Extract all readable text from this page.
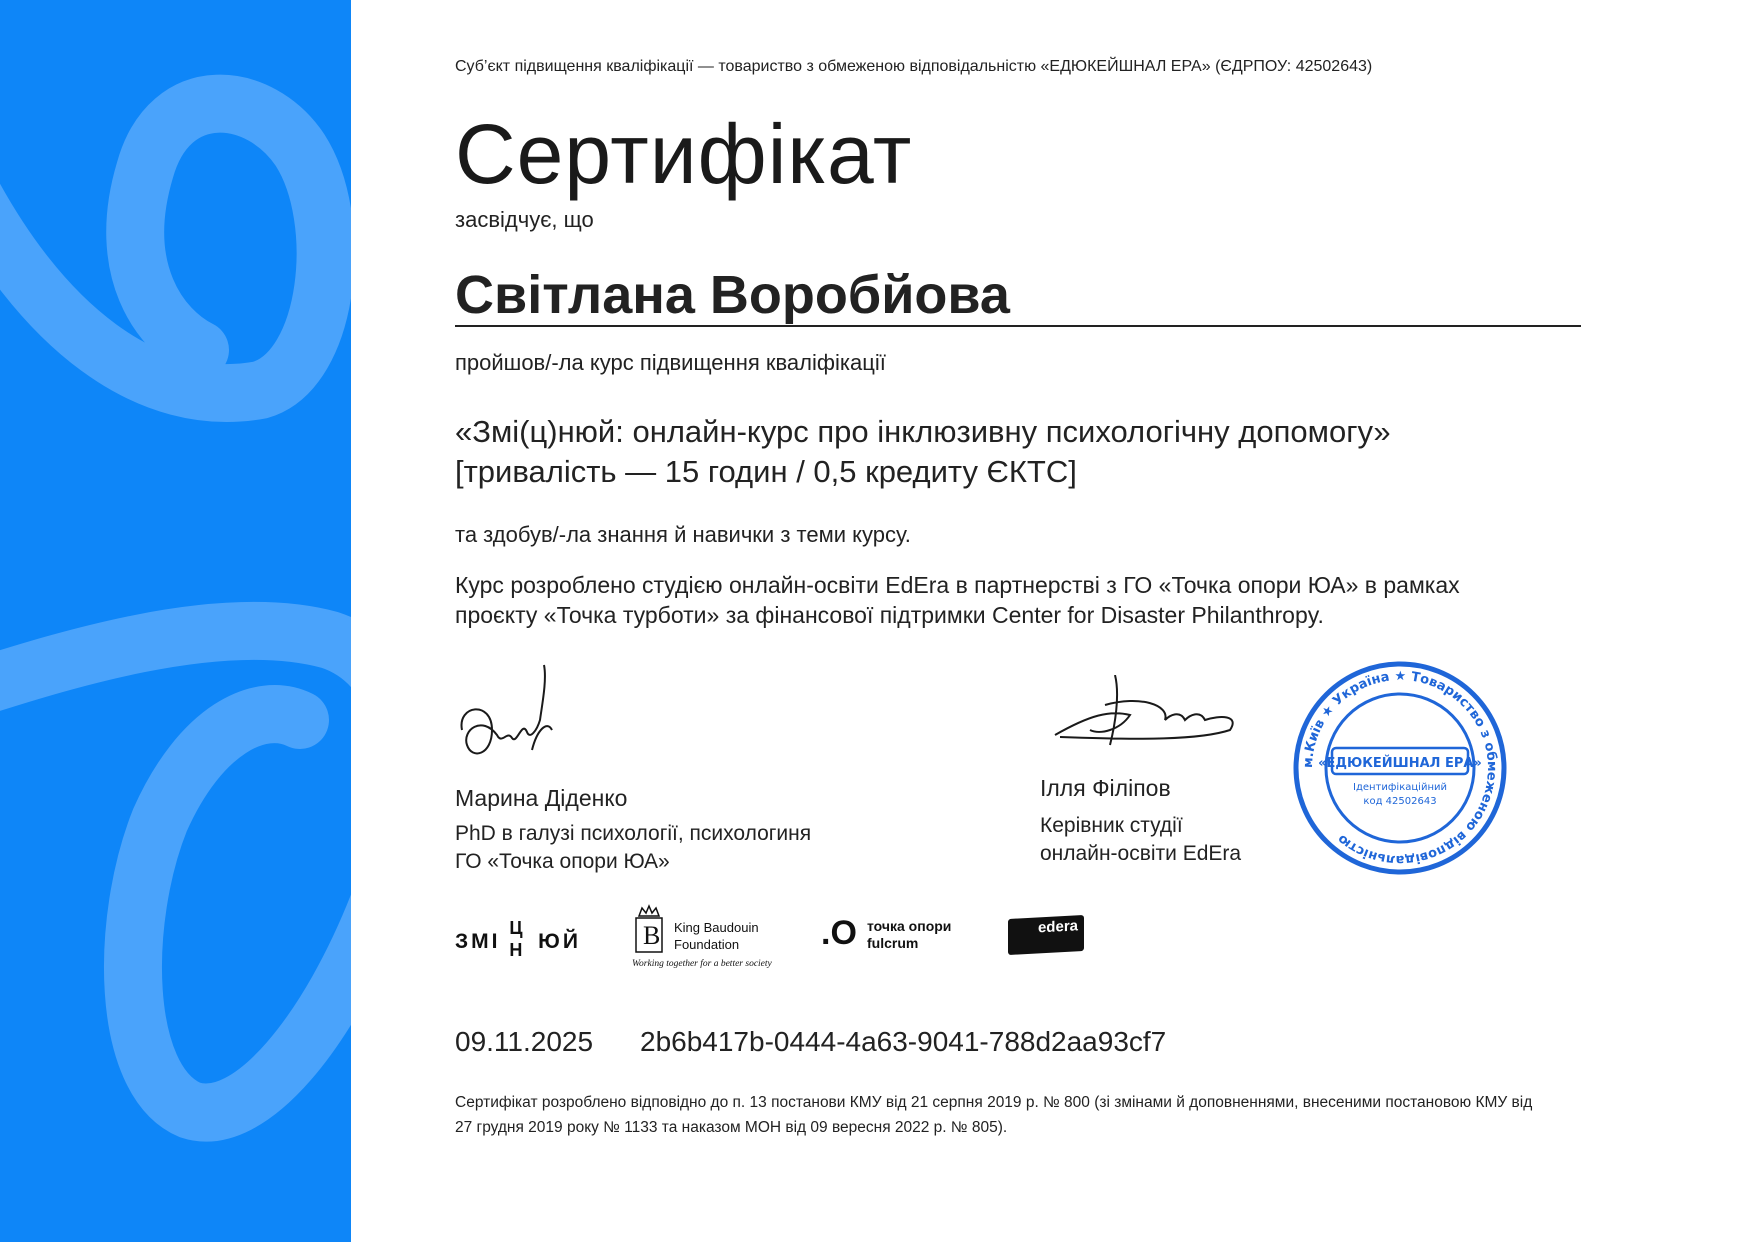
Суб’єкт підвищення кваліфікації — товариство з обмеженою відповідальністю «ЕДЮКЕЙШНАЛ ЕРА» (ЄДРПОУ: 42502643)
Сертифікат
засвідчує, що
Світлана Воробйова
пройшов/-ла курс підвищення кваліфікації
«Змі(ц)нюй: онлайн-курс про інклюзивну психологічну допомогу»
[тривалість — 15 годин / 0,5 кредиту ЄКТС]
та здобув/-ла знання й навички з теми курсу.
Курс розроблено студією онлайн-освіти EdEra в партнерстві з ГО «Точка опори ЮА» в рамках проєкту «Точка турботи» за фінансової підтримки Center for Disaster Philanthropy.
Марина Діденко
PhD в галузі психології, психологиня
ГО «Точка опори ЮА»
Ілля Філіпов
Керівник студії
онлайн-освіти EdEra
м.Київ ★ Україна ★ Товариство з обмеженою відповідальністю
«ЕДЮКЕЙШНАЛ ЕРА»
Ідентифікаційний
код 42502643
ЗМІ
Ц
Н ЮЙ B King Baudouin
Foundation
Working together for a better society
.O точка опори
fulcrum
edera
09.11.2025 2b6b417b-0444-4a63-9041-788d2aa93cf7
Сертифікат розроблено відповідно до п. 13 постанови КМУ від 21 серпня 2019 р. № 800 (зі змінами й доповненнями, внесеними постановою КМУ від 27 грудня 2019 року № 1133 та наказом МОН від 09 вересня 2022 р. № 805).
